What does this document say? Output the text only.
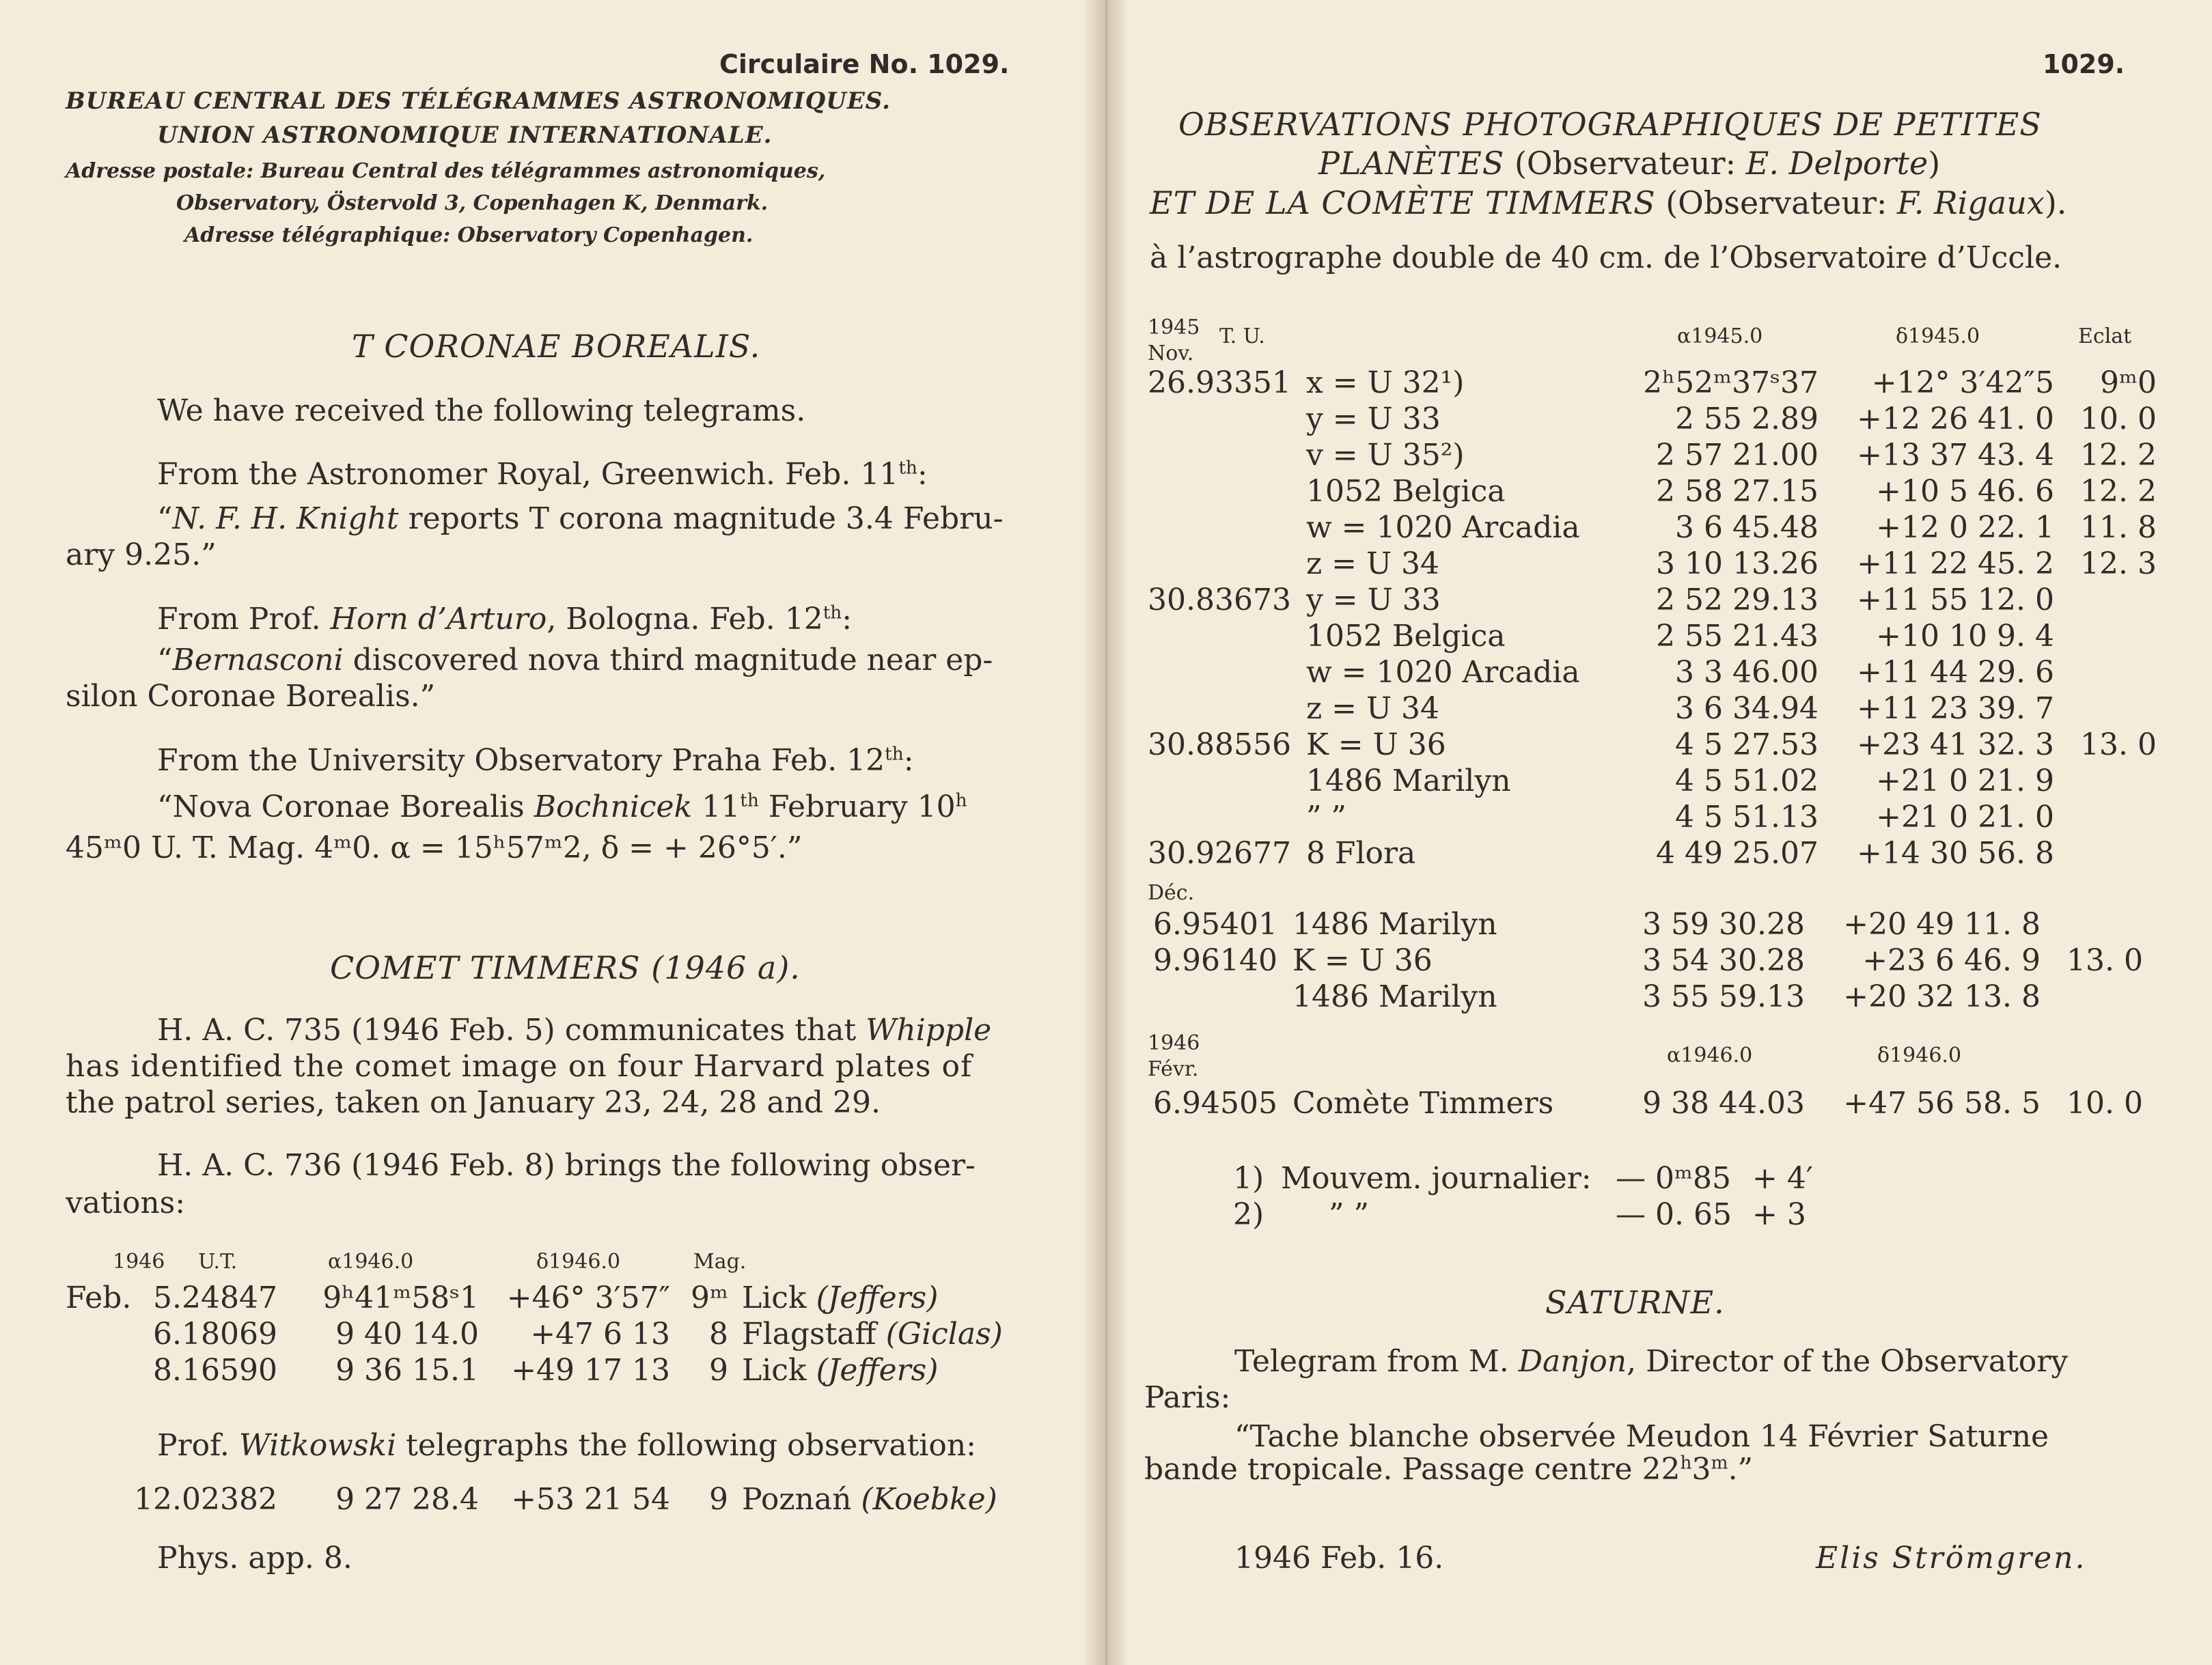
Circulaire No. 1029.
BUREAU CENTRAL DES TÉLÉGRAMMES ASTRONOMIQUES.
UNION ASTRONOMIQUE INTERNATIONALE.
Adresse postale: Bureau Central des télégrammes astronomiques,
Observatory, Östervold 3, Copenhagen K, Denmark.
Adresse télégraphique: Observatory Copenhagen.
T CORONAE BOREALIS.
We have received the following telegrams.
From the Astronomer Royal, Greenwich. Feb. 11th:
“N. F. H. Knight reports T corona magnitude 3.4 Febru-
ary 9.25.”
From Prof. Horn d’Arturo, Bologna. Feb. 12th:
“Bernasconi discovered nova third magnitude near ep-
silon Coronae Borealis.”
From the University Observatory Praha Feb. 12th:
“Nova Coronae Borealis Bochnicek 11th February 10$^h$
45ᵐ0 U. T. Mag. 4ᵐ0. α = 15ʰ57ᵐ2, δ = + 26°5′.”
COMET TIMMERS (1946 a).
H. A. C. 735 (1946 Feb. 5) communicates that Whipple
has identified the comet image on four Harvard plates of
the patrol series, taken on January 23, 24, 28 and 29.
H. A. C. 736 (1946 Feb. 8) brings the following obser-
vations:
1946 U.T.	α1946.0	δ1946.0	Mag.
Feb.	5.24847	9ʰ41ᵐ58ˢ1	+46° 3′57″	9ᵐ	Lick (Jeffers)
	6.18069	9 40 14.0	+47 6 13	8	Flagstaff (Giclas)
	8.16590	9 36 15.1	+49 17 13	9	Lick (Jeffers)
Prof. Witkowski telegraphs the following observation:
12.02382	9 27 28.4	+53 21 54	9	Poznań (Koebke)
Phys. app. 8.
1029.
OBSERVATIONS PHOTOGRAPHIQUES DE PETITES
PLANÈTES (Observateur: E. Delporte)
ET DE LA COMÈTE TIMMERS (Observateur: F. Rigaux).
à l’astrographe double de 40 cm. de l’Observatoire d’Uccle.
1945
Nov.
T. U.	α1945.0	δ1945.0	Eclat
26.93351	x = U 32¹)	2ʰ52ᵐ37ˢ37	+12° 3′42″5	9ᵐ0
	y = U 33	2 55 2.89	+12 26 41. 0	10. 0
	v = U 35²)	2 57 21.00	+13 37 43. 4	12. 2
	1052 Belgica	2 58 27.15	+10 5 46. 6	12. 2
	w = 1020 Arcadia	3 6 45.48	+12 0 22. 1	11. 8
	z = U 34	3 10 13.26	+11 22 45. 2	12. 3
30.83673	y = U 33	2 52 29.13	+11 55 12. 0	
	1052 Belgica	2 55 21.43	+10 10 9. 4	
	w = 1020 Arcadia	3 3 46.00	+11 44 29. 6	
	z = U 34	3 6 34.94	+11 23 39. 7	
30.88556	K = U 36	4 5 27.53	+23 41 32. 3	13. 0
	1486 Marilyn	4 5 51.02	+21 0 21. 9	
	” ”	4 5 51.13	+21 0 21. 0	
30.92677	8 Flora	4 49 25.07	+14 30 56. 8	
Déc.
6.95401	1486 Marilyn	3 59 30.28	+20 49 11. 8	
9.96140	K = U 36	3 54 30.28	+23 6 46. 9	13. 0
	1486 Marilyn	3 55 59.13	+20 32 13. 8	
1946
Févr.
α1946.0	δ1946.0
6.94505	Comète Timmers	9 38 44.03	+47 56 58. 5	10. 0
1)	Mouvem. journalier:	— 0ᵐ85	+ 4′
2)	” ”	— 0. 65	+ 3
SATURNE.
Telegram from M. Danjon, Director of the Observatory
Paris:
“Tache blanche observée Meudon 14 Février Saturne
bande tropicale. Passage centre 22$^h$3$^m$.”
1946 Feb. 16.	Elis Strömgren.
